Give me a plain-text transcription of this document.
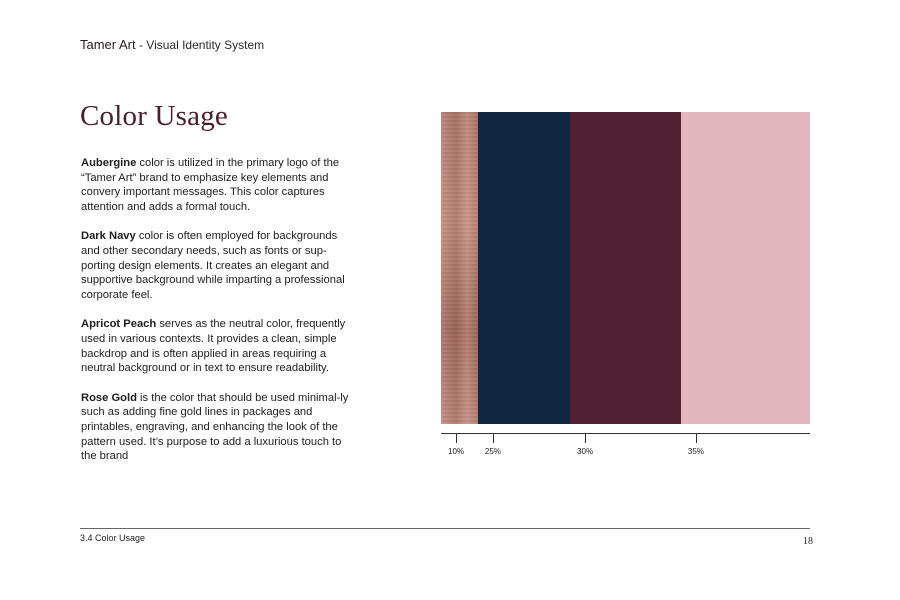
Tamer Art - Visual Identity System
Color Usage

Aubergine color is utilized in the primary logo of the “Tamer Art” brand to emphasize key elements and convery important messages. This color captures attention and adds a formal touch.

Dark Navy color is often employed for backgrounds and other secondary needs, such as fonts or sup-porting design elements. It creates an elegant and supportive background while imparting a professional corporate feel.

Apricot Peach serves as the neutral color, frequently used in various contexts. It provides a clean, simple backdrop and is often applied in areas requiring a neutral background or in text to ensure readability.

Rose Gold is the color that should be used minimal-ly such as adding fine gold lines in packages and printables, engraving, and enhancing the look of the pattern used. It’s purpose to add a luxurious touch to the brand	10%	25%	30%	35%
3.4 Color Usage	18
